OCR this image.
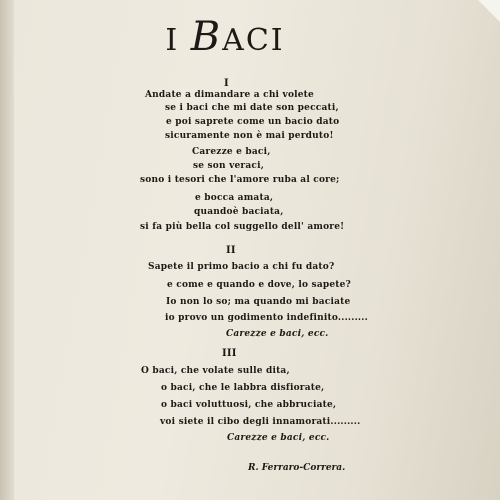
I BACI
I
Andate a dimandare a chi volete
se i baci che mi date son peccati,
e poi saprete come un bacio dato
sicuramente non è mai perduto!
Carezze e baci,
se son veraci,
sono i tesori che l'amore ruba al core;
e bocca amata,
quandoè baciata,
si fa più bella col suggello dell' amore!
II
Sapete il primo bacio a chi fu dato?
e come e quando e dove, lo sapete?
Io non lo so; ma quando mi baciate
io provo un godimento indefinito.........
Carezze e baci, ecc.
III
O baci, che volate sulle dita,
o baci, che le labbra disfiorate,
o baci voluttuosi, che abbruciate,
voi siete il cibo degli innamorati.........
Carezze e baci, ecc.
R. Ferraro-Correra.
